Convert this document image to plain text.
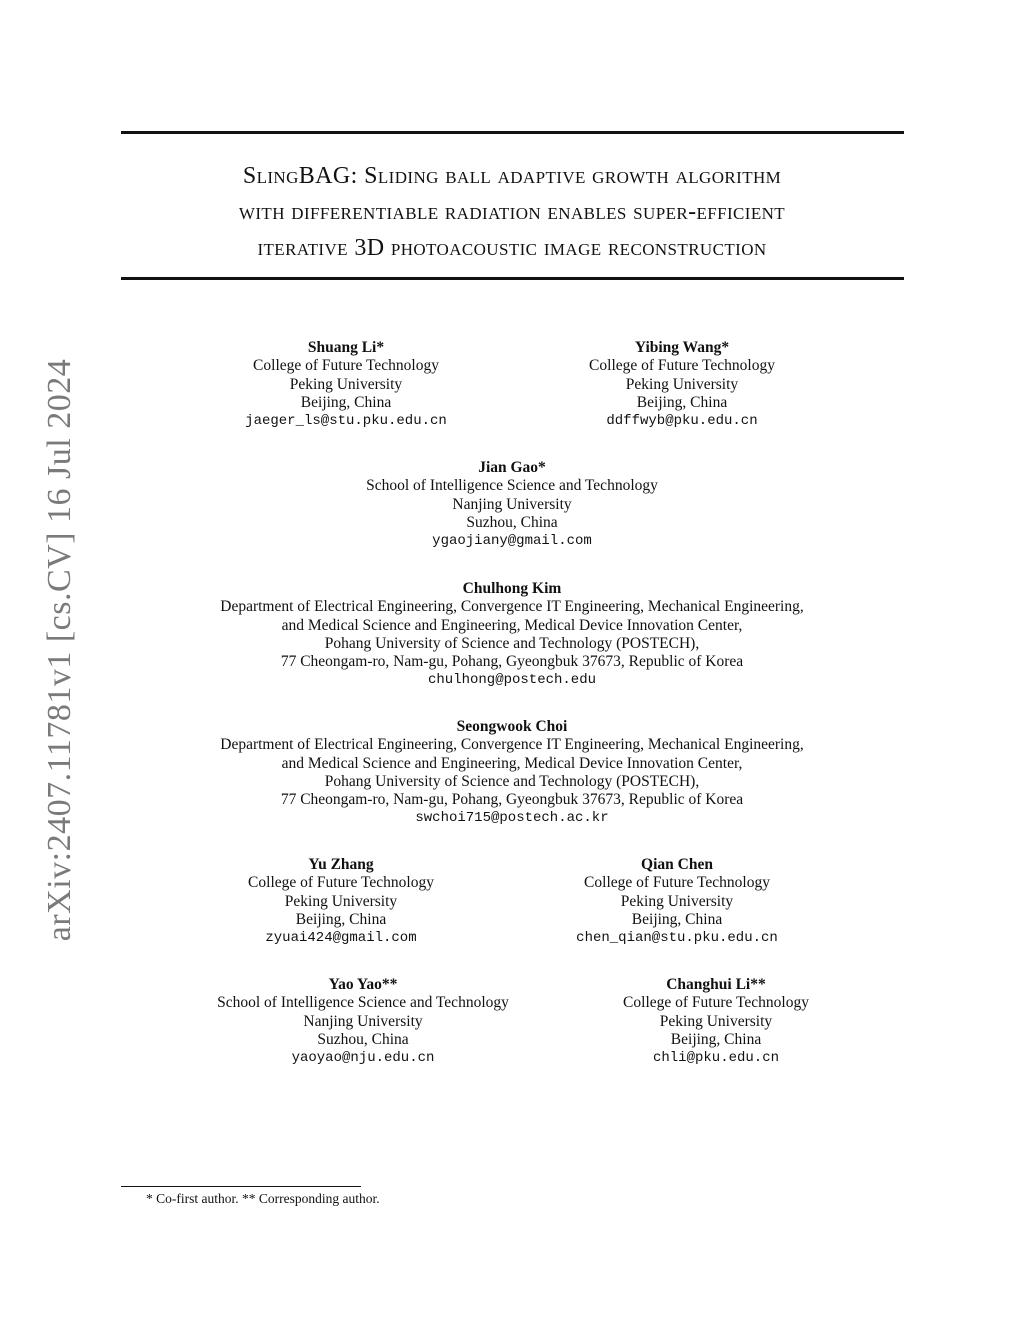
SlingBAG: Sliding ball adaptive growth algorithm
with differentiable radiation enables super-efficient
iterative 3D photoacoustic image reconstruction
arXiv:2407.11781v1 [cs.CV] 16 Jul 2024
Shuang Li*
College of Future Technology
Peking University
Beijing, China
jaeger_ls@stu.pku.edu.cn
Yibing Wang*
College of Future Technology
Peking University
Beijing, China
ddffwyb@pku.edu.cn
Jian Gao*
School of Intelligence Science and Technology
Nanjing University
Suzhou, China
ygaojiany@gmail.com
Chulhong Kim
Department of Electrical Engineering, Convergence IT Engineering, Mechanical Engineering,
and Medical Science and Engineering, Medical Device Innovation Center,
Pohang University of Science and Technology (POSTECH),
77 Cheongam-ro, Nam-gu, Pohang, Gyeongbuk 37673, Republic of Korea
chulhong@postech.edu
Seongwook Choi
Department of Electrical Engineering, Convergence IT Engineering, Mechanical Engineering,
and Medical Science and Engineering, Medical Device Innovation Center,
Pohang University of Science and Technology (POSTECH),
77 Cheongam-ro, Nam-gu, Pohang, Gyeongbuk 37673, Republic of Korea
swchoi715@postech.ac.kr
Yu Zhang
College of Future Technology
Peking University
Beijing, China
zyuai424@gmail.com
Qian Chen
College of Future Technology
Peking University
Beijing, China
chen_qian@stu.pku.edu.cn
Yao Yao**
School of Intelligence Science and Technology
Nanjing University
Suzhou, China
yaoyao@nju.edu.cn
Changhui Li**
College of Future Technology
Peking University
Beijing, China
chli@pku.edu.cn
* Co-first author. ** Corresponding author.
